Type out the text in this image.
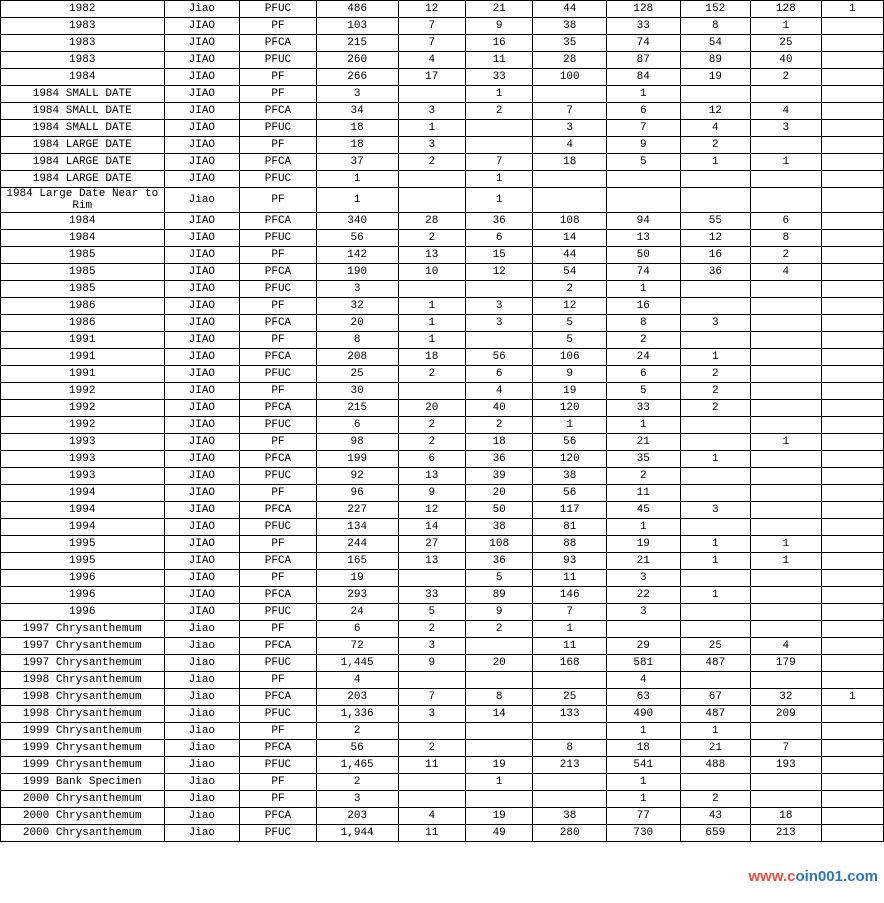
1982	Jiao	PFUC	486	12	21	44	128	152	128	1
1983	JIAO	PF	103	7	9	38	33	8	1	
1983	JIAO	PFCA	215	7	16	35	74	54	25	
1983	JIAO	PFUC	260	4	11	28	87	89	40	
1984	JIAO	PF	266	17	33	100	84	19	2	
1984 SMALL DATE	JIAO	PF	3		1		1			
1984 SMALL DATE	JIAO	PFCA	34	3	2	7	6	12	4	
1984 SMALL DATE	JIAO	PFUC	18	1		3	7	4	3	
1984 LARGE DATE	JIAO	PF	18	3		4	9	2		
1984 LARGE DATE	JIAO	PFCA	37	2	7	18	5	1	1	
1984 LARGE DATE	JIAO	PFUC	1		1					
1984 Large Date Near to Rim	Jiao	PF	1		1					
1984	JIAO	PFCA	340	28	36	108	94	55	6	
1984	JIAO	PFUC	56	2	6	14	13	12	8	
1985	JIAO	PF	142	13	15	44	50	16	2	
1985	JIAO	PFCA	190	10	12	54	74	36	4	
1985	JIAO	PFUC	3			2	1			
1986	JIAO	PF	32	1	3	12	16			
1986	JIAO	PFCA	20	1	3	5	8	3		
1991	JIAO	PF	8	1		5	2			
1991	JIAO	PFCA	208	18	56	106	24	1		
1991	JIAO	PFUC	25	2	6	9	6	2		
1992	JIAO	PF	30		4	19	5	2		
1992	JIAO	PFCA	215	20	40	120	33	2		
1992	JIAO	PFUC	6	2	2	1	1			
1993	JIAO	PF	98	2	18	56	21		1	
1993	JIAO	PFCA	199	6	36	120	35	1		
1993	JIAO	PFUC	92	13	39	38	2			
1994	JIAO	PF	96	9	20	56	11			
1994	JIAO	PFCA	227	12	50	117	45	3		
1994	JIAO	PFUC	134	14	38	81	1			
1995	JIAO	PF	244	27	108	88	19	1	1	
1995	JIAO	PFCA	165	13	36	93	21	1	1	
1996	JIAO	PF	19		5	11	3			
1996	JIAO	PFCA	293	33	89	146	22	1		
1996	JIAO	PFUC	24	5	9	7	3			
1997 Chrysanthemum	Jiao	PF	6	2	2	1				
1997 Chrysanthemum	Jiao	PFCA	72	3		11	29	25	4	
1997 Chrysanthemum	Jiao	PFUC	1,445	9	20	168	581	487	179	
1998 Chrysanthemum	Jiao	PF	4				4			
1998 Chrysanthemum	Jiao	PFCA	203	7	8	25	63	67	32	1
1998 Chrysanthemum	Jiao	PFUC	1,336	3	14	133	490	487	209	
1999 Chrysanthemum	Jiao	PF	2				1	1		
1999 Chrysanthemum	Jiao	PFCA	56	2		8	18	21	7	
1999 Chrysanthemum	Jiao	PFUC	1,465	11	19	213	541	488	193	
1999 Bank Specimen	Jiao	PF	2		1		1			
2000 Chrysanthemum	Jiao	PF	3				1	2		
2000 Chrysanthemum	Jiao	PFCA	203	4	19	38	77	43	18	
2000 Chrysanthemum	Jiao	PFUC	1,944	11	49	280	730	659	213	
www.coin001.com
